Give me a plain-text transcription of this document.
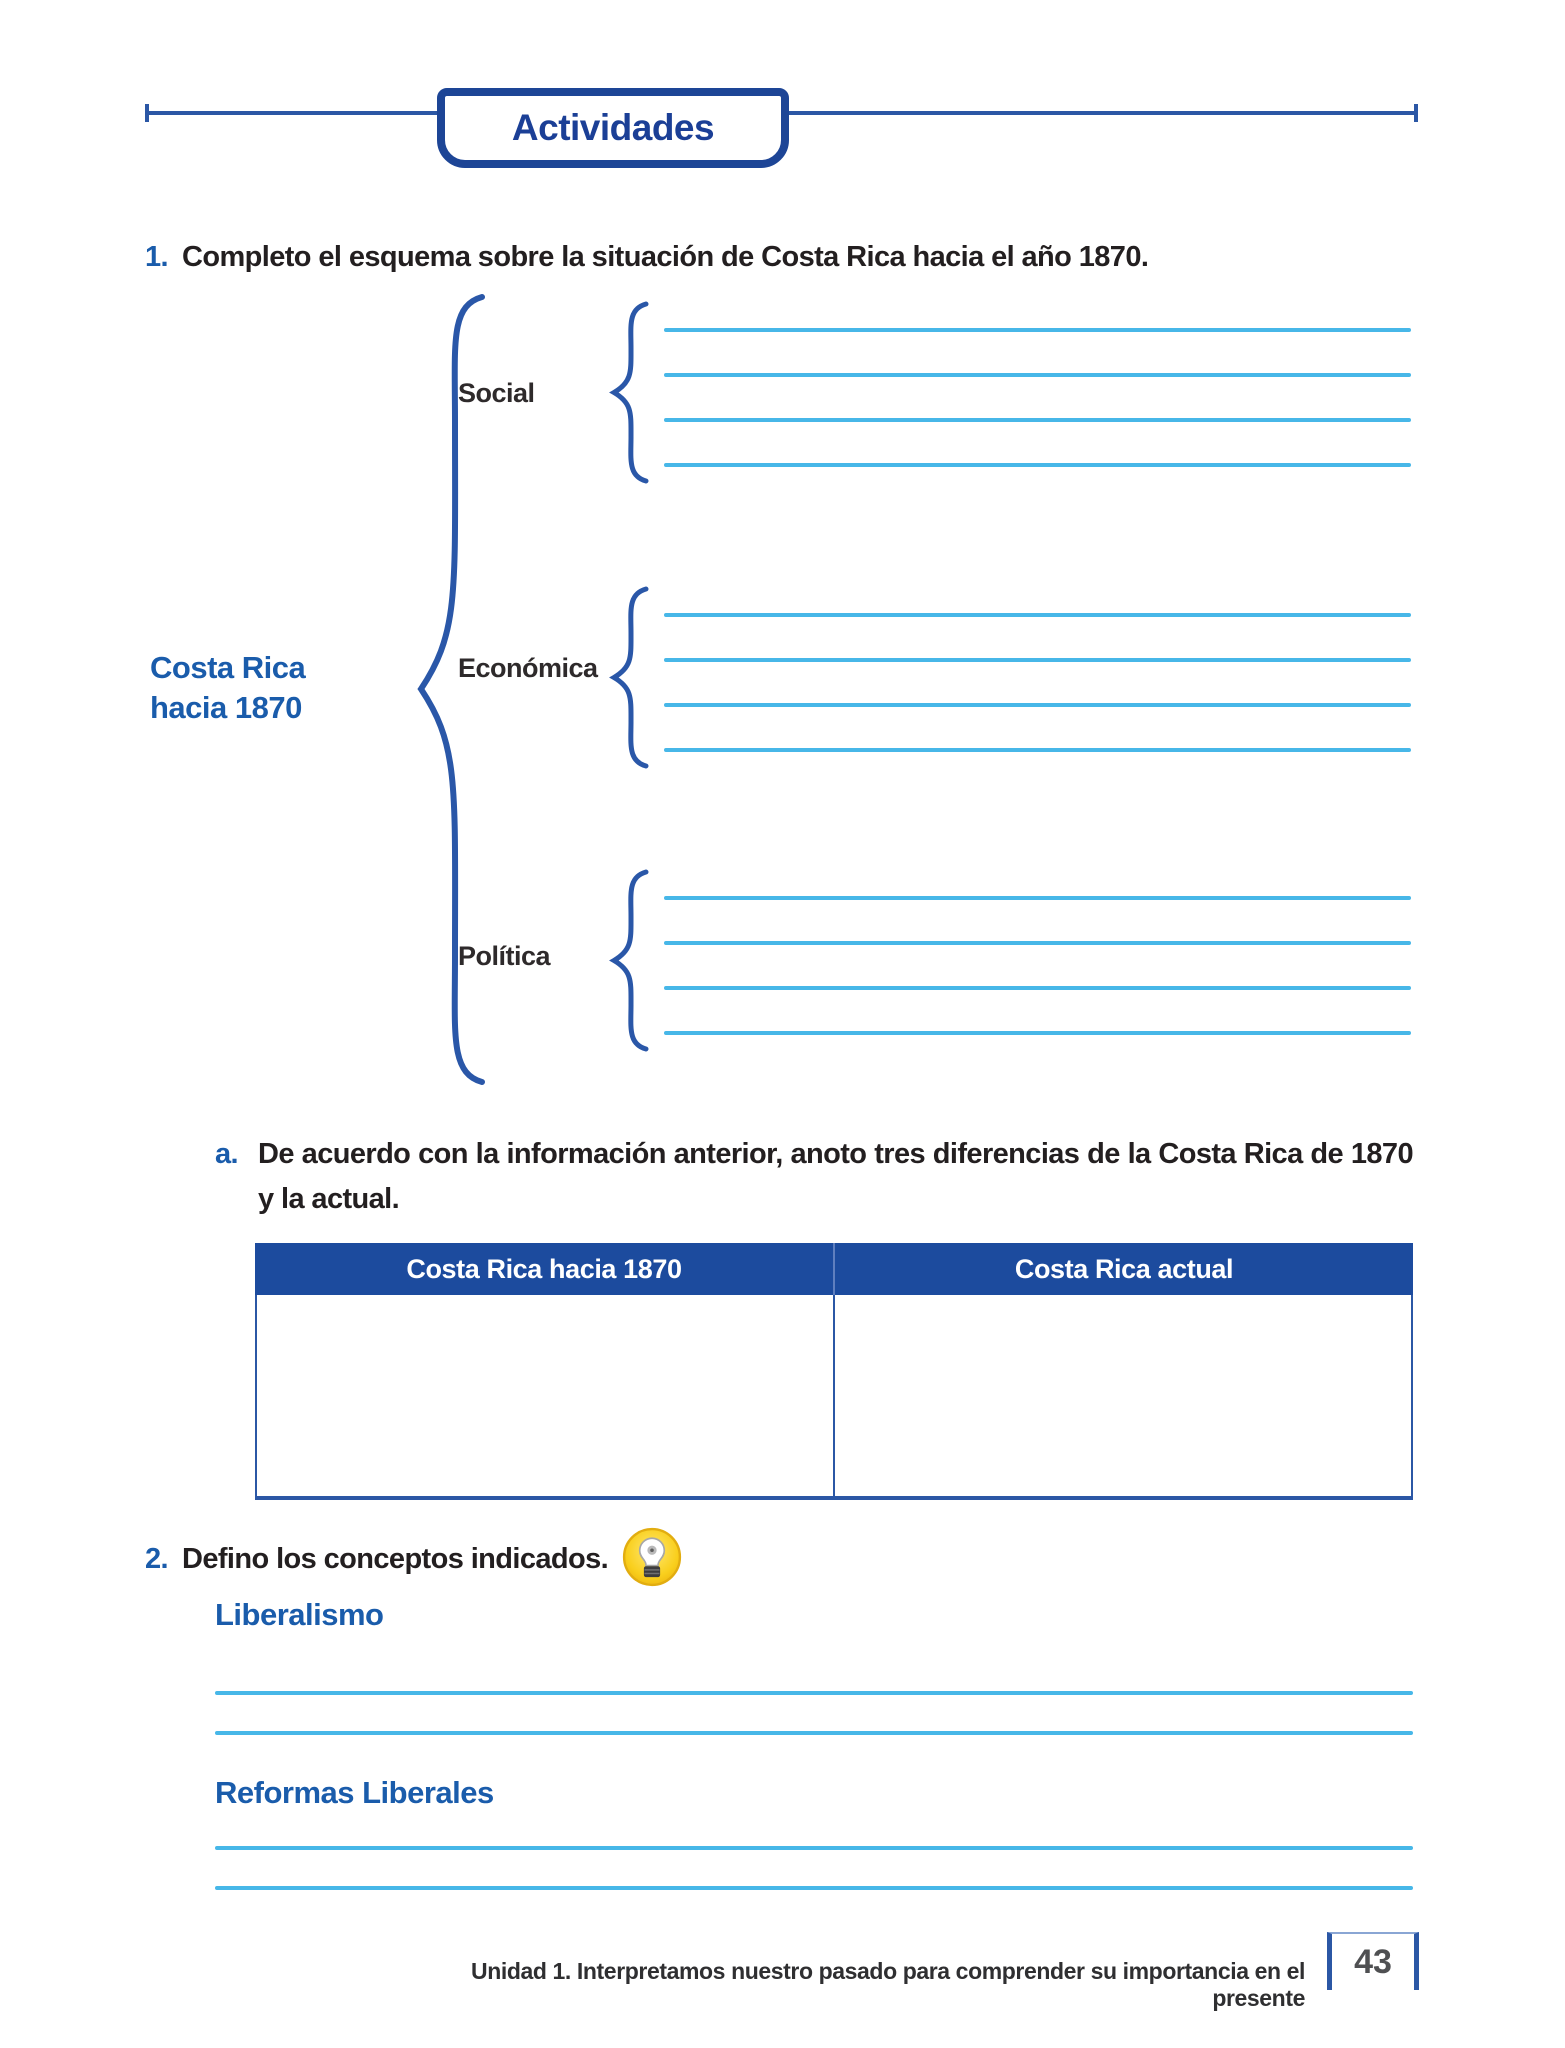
Actividades
1. Completo el esquema sobre la situación de Costa Rica hacia el año 1870.
Costa Rica
hacia 1870
Social
Económica
Política
a. De acuerdo con la información anterior, anoto tres diferencias de la Costa Rica de 1870 y la actual.
Costa Rica hacia 1870	Costa Rica actual
2. Defino los conceptos indicados.
Liberalismo
Reformas Liberales
Unidad 1. Interpretamos nuestro pasado para comprender su importancia en el presente
43
